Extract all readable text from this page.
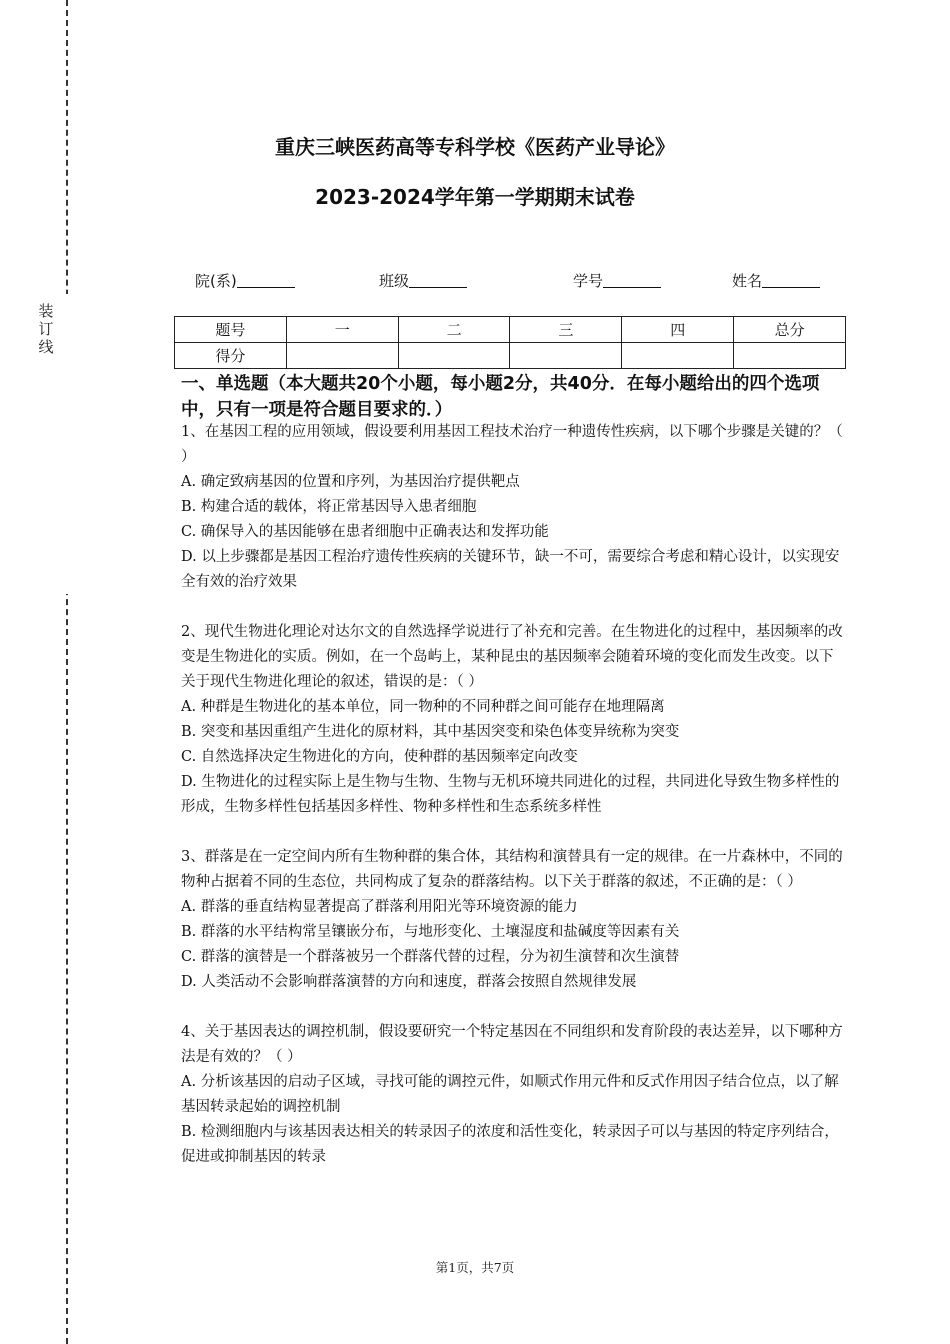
装订线
重庆三峡医药高等专科学校《医药产业导论》
2023-2024学年第一学期期末试卷
院(系)	班级	学号	姓名
题号	一	二	三	四	总分
得分					
一、单选题（本大题共20个小题，每小题2分，共40分．在每小题给出的四个选项中，只有一项是符合题目要求的．）

1、在基因工程的应用领域，假设要利用基因工程技术治疗一种遗传性疾病，以下哪个步骤是关键的？（ ）

A. 确定致病基因的位置和序列，为基因治疗提供靶点

B. 构建合适的载体，将正常基因导入患者细胞

C. 确保导入的基因能够在患者细胞中正确表达和发挥功能

D. 以上步骤都是基因工程治疗遗传性疾病的关键环节，缺一不可，需要综合考虑和精心设计，以实现安全有效的治疗效果

2、现代生物进化理论对达尔文的自然选择学说进行了补充和完善。在生物进化的过程中，基因频率的改变是生物进化的实质。例如，在一个岛屿上，某种昆虫的基因频率会随着环境的变化而发生改变。以下关于现代生物进化理论的叙述，错误的是：（ ）

A. 种群是生物进化的基本单位，同一物种的不同种群之间可能存在地理隔离

B. 突变和基因重组产生进化的原材料，其中基因突变和染色体变异统称为突变

C. 自然选择决定生物进化的方向，使种群的基因频率定向改变

D. 生物进化的过程实际上是生物与生物、生物与无机环境共同进化的过程，共同进化导致生物多样性的形成，生物多样性包括基因多样性、物种多样性和生态系统多样性

3、群落是在一定空间内所有生物种群的集合体，其结构和演替具有一定的规律。在一片森林中，不同的物种占据着不同的生态位，共同构成了复杂的群落结构。以下关于群落的叙述，不正确的是：（ ）

A. 群落的垂直结构显著提高了群落利用阳光等环境资源的能力

B. 群落的水平结构常呈镶嵌分布，与地形变化、土壤湿度和盐碱度等因素有关

C. 群落的演替是一个群落被另一个群落代替的过程，分为初生演替和次生演替

D. 人类活动不会影响群落演替的方向和速度，群落会按照自然规律发展

4、关于基因表达的调控机制，假设要研究一个特定基因在不同组织和发育阶段的表达差异，以下哪种方法是有效的？（ ）

A. 分析该基因的启动子区域，寻找可能的调控元件，如顺式作用元件和反式作用因子结合位点，以了解基因转录起始的调控机制

B. 检测细胞内与该基因表达相关的转录因子的浓度和活性变化，转录因子可以与基因的特定序列结合，促进或抑制基因的转录

第1页，共7页
